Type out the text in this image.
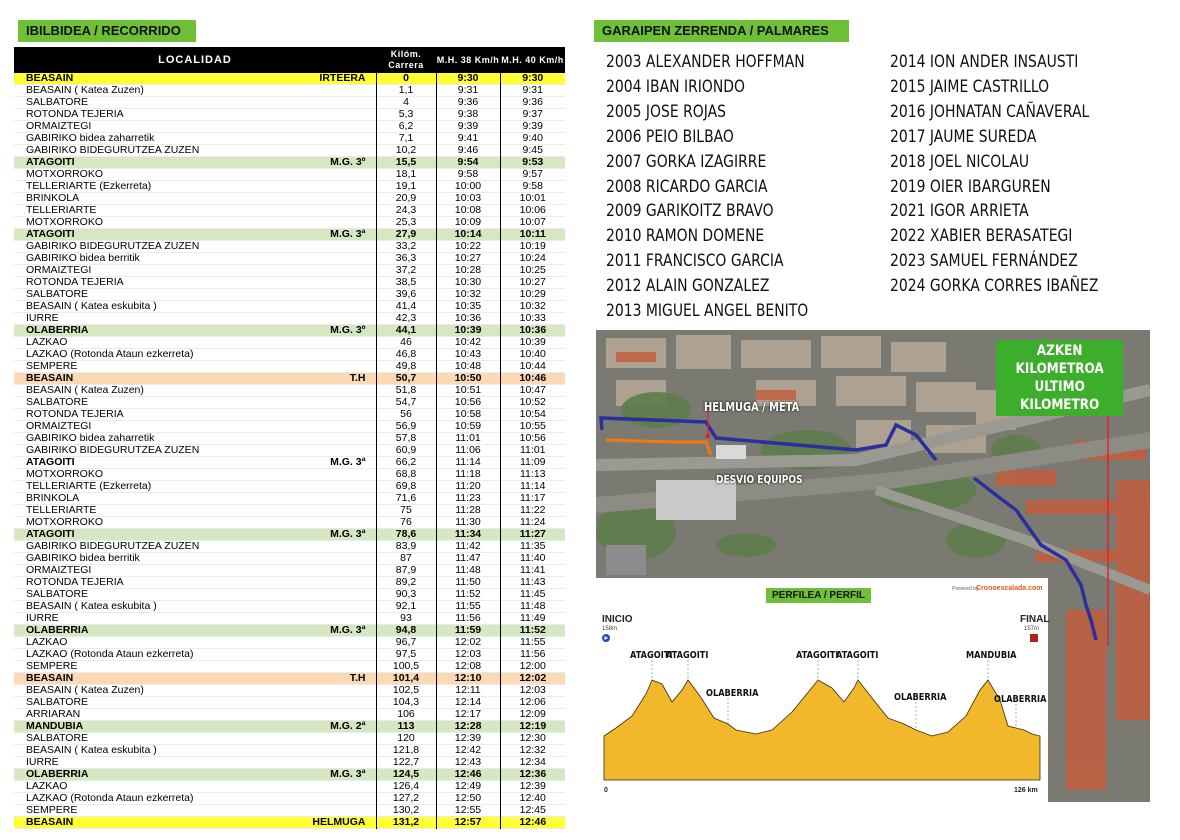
IBILBIDEA / RECORRIDO
LOCALIDAD	Kilóm. Carrera	M.H. 38 Km/h	M.H. 40 Km/h
BEASAIN IRTEERA	0	9:30	9:30
BEASAIN ( Katea Zuzen)	1,1	9:31	9:31
SALBATORE	4	9:36	9:36
ROTONDA TEJERIA	5,3	9:38	9:37
ORMAIZTEGI	6,2	9:39	9:39
GABIRIKO bidea zaharretik	7,1	9:41	9:40
GABIRIKO BIDEGURUTZEA ZUZEN	10,2	9:46	9:45
ATAGOITI M.G. 3º	15,5	9:54	9:53
MOTXORROKO	18,1	9:58	9:57
TELLERIARTE (Ezkerreta)	19,1	10:00	9:58
BRINKOLA	20,9	10:03	10:01
TELLERIARTE	24,3	10:08	10:06
MOTXORROKO	25,3	10:09	10:07
ATAGOITI M.G. 3ª	27,9	10:14	10:11
GABIRIKO BIDEGURUTZEA ZUZEN	33,2	10:22	10:19
GABIRIKO bidea berritik	36,3	10:27	10:24
ORMAIZTEGI	37,2	10:28	10:25
ROTONDA TEJERIA	38,5	10:30	10:27
SALBATORE	39,6	10:32	10:29
BEASAIN ( Katea eskubita )	41,4	10:35	10:32
IURRE	42,3	10:36	10:33
OLABERRIA M.G. 3º	44,1	10:39	10:36
LAZKAO	46	10:42	10:39
LAZKAO (Rotonda Ataun ezkerreta)	46,8	10:43	10:40
SEMPERE	49,8	10:48	10:44
BEASAIN T.H	50,7	10:50	10:46
BEASAIN ( Katea Zuzen)	51,8	10:51	10:47
SALBATORE	54,7	10:56	10:52
ROTONDA TEJERIA	56	10:58	10:54
ORMAIZTEGI	56,9	10:59	10:55
GABIRIKO bidea zaharretik	57,8	11:01	10:56
GABIRIKO BIDEGURUTZEA ZUZEN	60,9	11:06	11:01
ATAGOITI M.G. 3ª	66,2	11:14	11:09
MOTXORROKO	68,8	11:18	11:13
TELLERIARTE (Ezkerreta)	69,8	11:20	11:14
BRINKOLA	71,6	11:23	11:17
TELLERIARTE	75	11:28	11:22
MOTXORROKO	76	11:30	11:24
ATAGOITI M.G. 3ª	78,6	11:34	11:27
GABIRIKO BIDEGURUTZEA ZUZEN	83,9	11:42	11:35
GABIRIKO bidea berritik	87	11:47	11:40
ORMAIZTEGI	87,9	11:48	11:41
ROTONDA TEJERIA	89,2	11:50	11:43
SALBATORE	90,3	11:52	11:45
BEASAIN ( Katea eskubita )	92,1	11:55	11:48
IURRE	93	11:56	11:49
OLABERRIA M.G. 3ª	94,8	11:59	11:52
LAZKAO	96,7	12:02	11:55
LAZKAO (Rotonda Ataun ezkerreta)	97,5	12:03	11:56
SEMPERE	100,5	12:08	12:00
BEASAIN T.H	101,4	12:10	12:02
BEASAIN ( Katea Zuzen)	102,5	12:11	12:03
SALBATORE	104,3	12:14	12:06
ARRIARAN	106	12:17	12:09
MANDUBIA M.G. 2ª	113	12:28	12:19
SALBATORE	120	12:39	12:30
BEASAIN ( Katea eskubita )	121,8	12:42	12:32
IURRE	122,7	12:43	12:34
OLABERRIA M.G. 3ª	124,5	12:46	12:36
LAZKAO	126,4	12:49	12:39
LAZKAO (Rotonda Ataun ezkerreta)	127,2	12:50	12:40
SEMPERE	130,2	12:55	12:45
BEASAIN HELMUGA	131,2	12:57	12:46
GARAIPEN ZERRENDA / PALMARES
2003 ALEXANDER HOFFMAN
2004 IBAN IRIONDO
2005 JOSE ROJAS
2006 PEIO BILBAO
2007 GORKA IZAGIRRE
2008 RICARDO GARCIA
2009 GARIKOITZ BRAVO
2010 RAMON DOMENE
2011 FRANCISCO GARCIA
2012 ALAIN GONZALEZ
2013 MIGUEL ANGEL BENITO
2014 ION ANDER INSAUSTI
2015 JAIME CASTRILLO
2016 JOHNATAN CAÑAVERAL
2017 JAUME SUREDA
2018 JOEL NICOLAU
2019 OIER IBARGUREN
2021 IGOR ARRIETA
2022 XABIER BERASATEGI
2023 SAMUEL FERNÁNDEZ
2024 GORKA CORRES IBAÑEZ
AZKEN KILOMETROA
ULTIMO KILOMETRO
HELMUGA / META
DESVIO EQUIPOS
PERFILEA / PERFIL
Powered by
Cronoescalada.com
INICIO
158m
FINAL
157m
0	126 km
ATAGOITI
ATAGOITI
OLABERRIA
ATAGOITI
ATAGOITI
OLABERRIA
MANDUBIA
OLABERRIA
